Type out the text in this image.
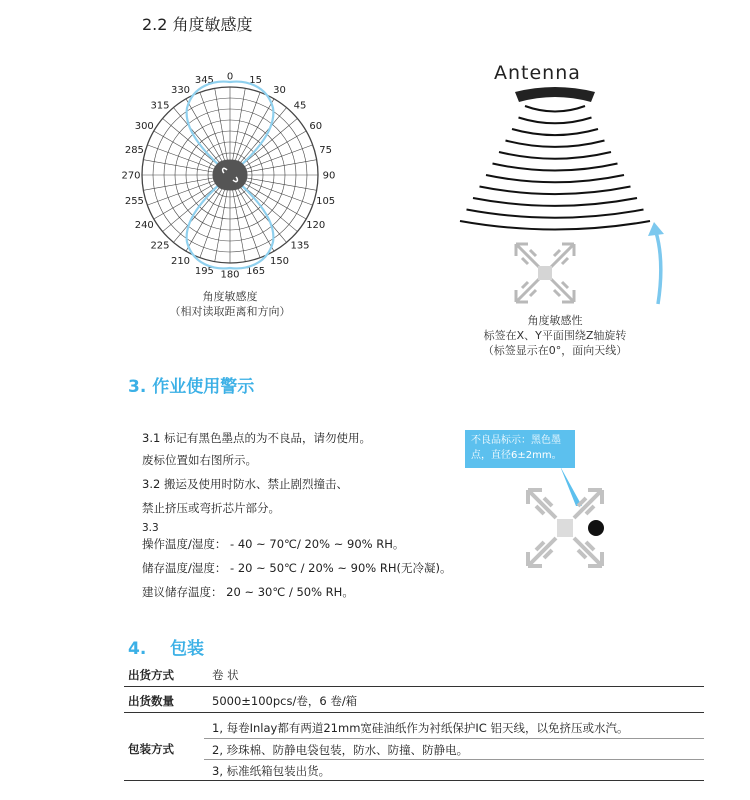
2.2 角度敏感度
0 15
30
45
60
75
90
105
120
135
150
165
180
195
210
225
240
255
270
285
300
315
330
345
角度敏感度
（相对读取距离和方向）
Antenna
角度敏感性
标签在X、Y平面围绕Z轴旋转
（标签显示在0°，面向天线）
3. 作业使用警示
3.1 标记有黑色墨点的为不良品，请勿使用。
废标位置如右图所示。
3.2 搬运及使用时防水、禁止剧烈撞击、
禁止挤压或弯折芯片部分。
3.3
操作温度/湿度： - 40 ~ 70℃/ 20% ~ 90% RH。
储存温度/湿度： - 20 ~ 50℃ / 20% ~ 90% RH(无冷凝)。
建议储存温度： 20 ~ 30℃ / 50% RH。
不良品标示：黑色墨
点，直径6±2mm。
4.    包装
出货方式	卷 状
出货数量	5000±100pcs/卷，6 卷/箱
包装方式
1, 每卷Inlay都有两道21mm宽硅油纸作为衬纸保护IC 铝天线，以免挤压或水汽。
2, 珍珠棉、防静电袋包装，防水、防撞、防静电。
3, 标准纸箱包装出货。
